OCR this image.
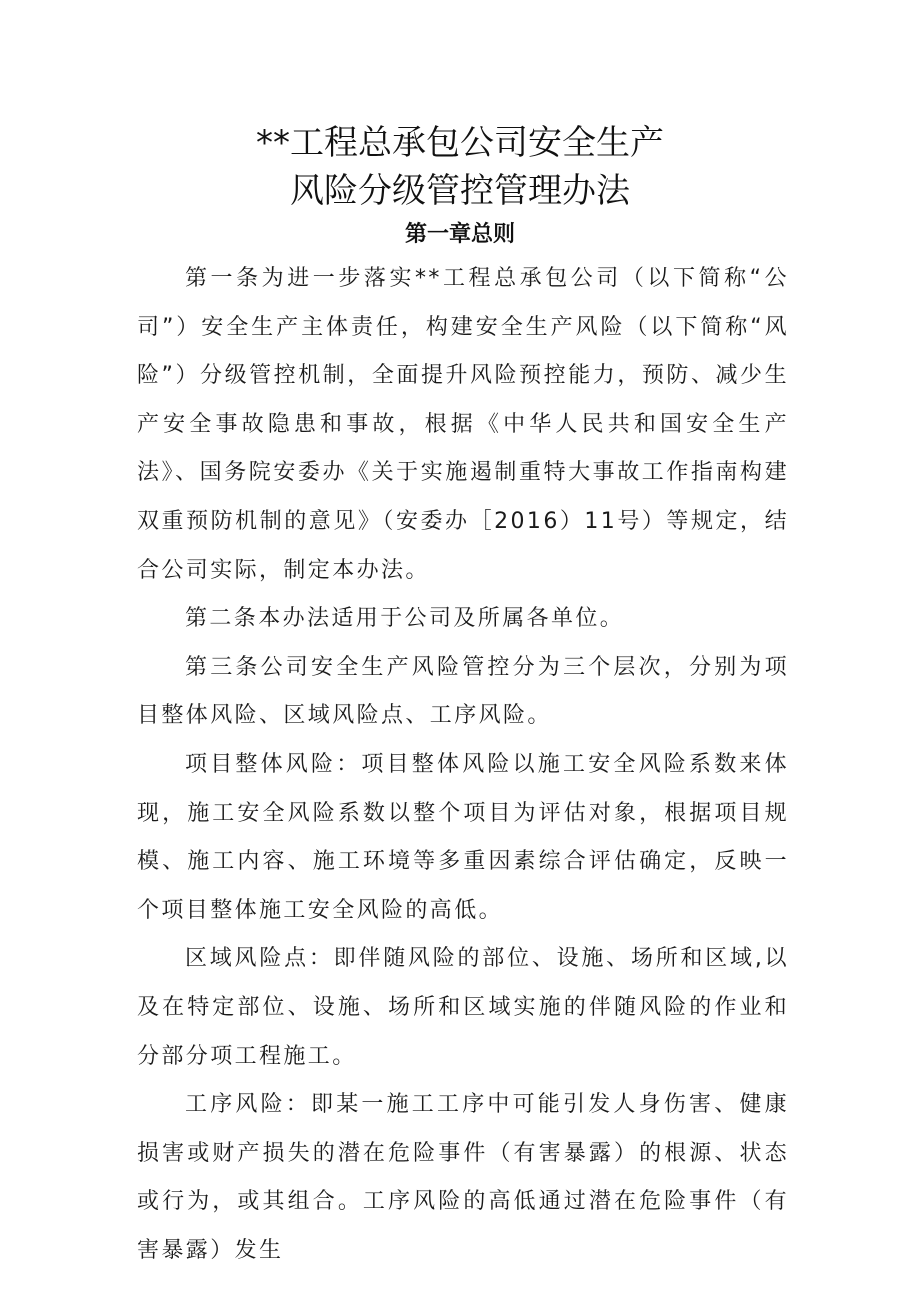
**工程总承包公司安全生产
风险分级管控管理办法
第一章总则

第一条为进一步落实**工程总承包公司（以下简称“公司”）安全生产主体责任，构建安全生产风险（以下简称“风险”）分级管控机制，全面提升风险预控能力，预防、减少生产安全事故隐患和事故，根据《中华人民共和国安全生产法》、国务院安委办《关于实施遏制重特大事故工作指南构建双重预防机制的意见》（安委办［2016）11号）等规定，结合公司实际，制定本办法。

第二条本办法适用于公司及所属各单位。

第三条公司安全生产风险管控分为三个层次，分别为项目整体风险、区域风险点、工序风险。

项目整体风险：项目整体风险以施工安全风险系数来体现，施工安全风险系数以整个项目为评估对象，根据项目规模、施工内容、施工环境等多重因素综合评估确定，反映一个项目整体施工安全风险的高低。

区域风险点：即伴随风险的部位、设施、场所和区域,以及在特定部位、设施、场所和区域实施的伴随风险的作业和分部分项工程施工。

工序风险：即某一施工工序中可能引发人身伤害、健康损害或财产损失的潜在危险事件（有害暴露）的根源、状态或行为，或其组合。工序风险的高低通过潜在危险事件（有害暴露）发生
